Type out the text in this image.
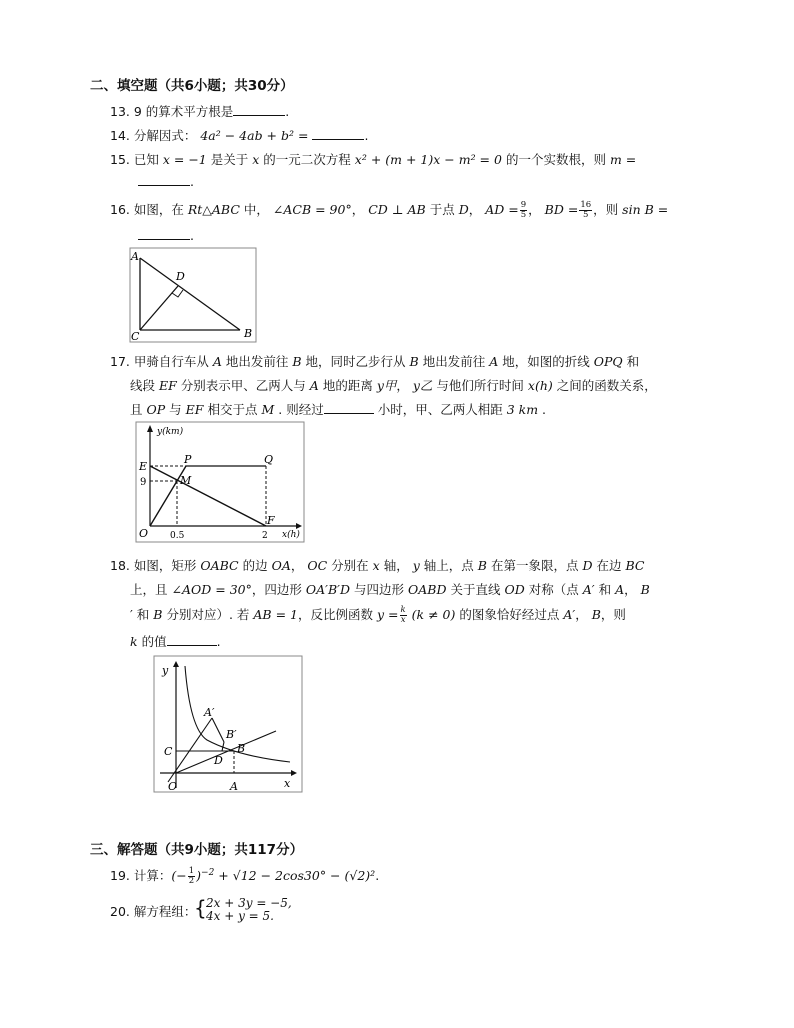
二、填空题（共6小题；共30分）
13. 9 的算术平方根是	.
14. 分解因式： 4a² − 4ab + b² =	.
15. 已知 x = −1 是关于 x 的一元二次方程 x² + (m + 1)x − m² = 0 的一个实数根，则 m =
.
16. 如图，在 Rt△ABC 中， ∠ACB = 90°， CD ⊥ AB 于点 D， AD = $\frac{9}{5}$ ， BD = $\frac{16}{5}$ ，则 sin B =
.
A
D
C	B
17. 甲骑自行车从 A 地出发前往 B 地，同时乙步行从 B 地出发前往 A 地，如图的折线 OPQ 和
线段 EF 分别表示甲、乙两人与 A 地的距离 y甲， y乙 与他们所行时间 x(h) 之间的函数关系，
且 OP 与 EF 相交于点 M . 则经过	小时，甲、乙两人相距 3 km .
y(km)
x(h)
E
P	Q
M
9
O 0.5	2
F
18. 如图，矩形 OABC 的边 OA， OC 分别在 x 轴， y 轴上，点 B 在第一象限，点 D 在边 BC
上，且 ∠AOD = 30°，四边形 OA′B′D 与四边形 OABD 关于直线 OD 对称（点 A′ 和 A， B
′ 和 B 分别对应）. 若 AB = 1，反比例函数 $y = \frac{k}{x} (k \ne 0)$ 的图象恰好经过点 A′， B，则
k 的值	.
y
x
O	A
B
C
D
A′
B′
三、解答题（共9小题；共117分）
19. 计算：(− $\frac{1}{2} )^{-2} + √12 - 2\cos 30^\circ - (√2)^2$.
20. 解方程组：
{ 2x + 3y = −5,
4x + y = 5.
